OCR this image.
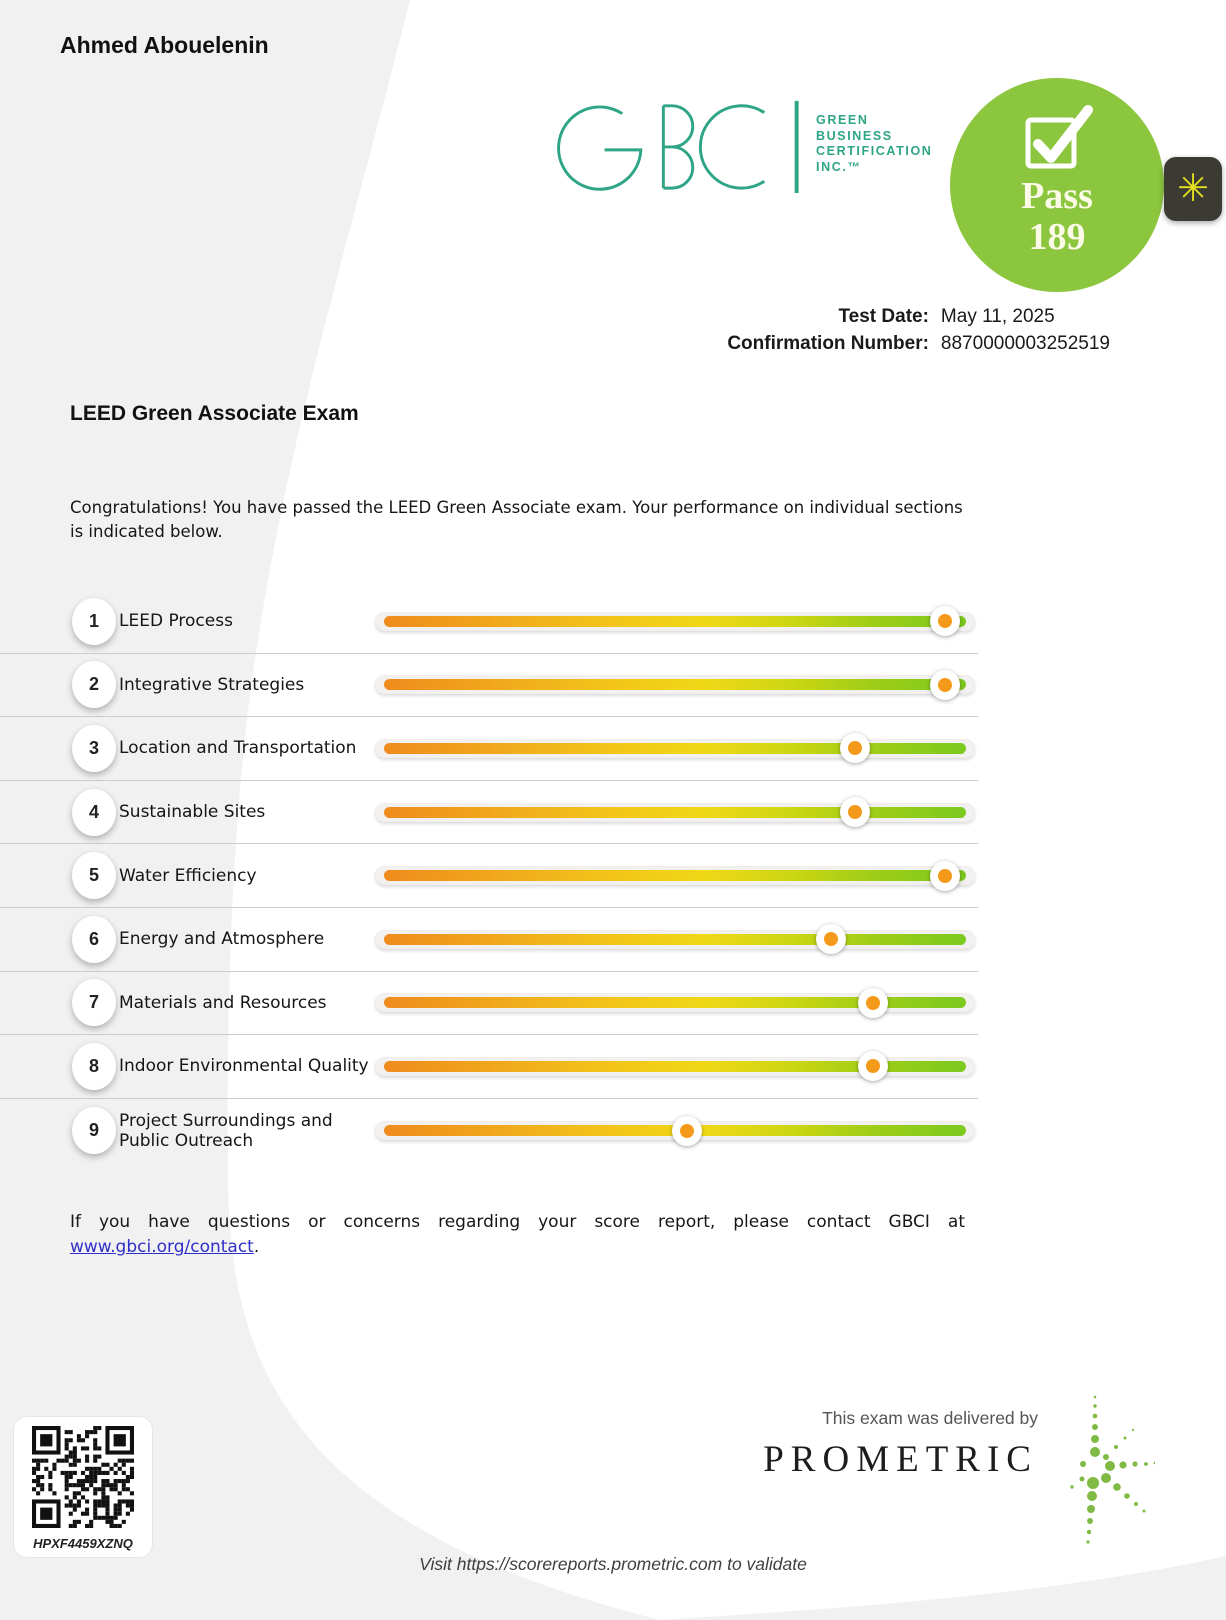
Ahmed Abouelenin
GREEN
BUSINESS
CERTIFICATION
INC.™
Pass
189
✳
Test Date: May 11, 2025
Confirmation Number: 8870000003252519
LEED Green Associate Exam
Congratulations! You have passed the LEED Green Associate exam. Your performance on individual sections is indicated below.
1	LEED Process
2	Integrative Strategies
3	Location and Transportation
4	Sustainable Sites
5	Water Efficiency
6	Energy and Atmosphere
7	Materials and Resources
8	Indoor Environmental Quality
9	Project Surroundings and Public Outreach
If you have questions or concerns regarding your score report, please contact GBCI at www.gbci.org/contact.
HPXF4459XZNQ
This exam was delivered by
PROMETRIC
Visit https://scorereports.prometric.com to validate
